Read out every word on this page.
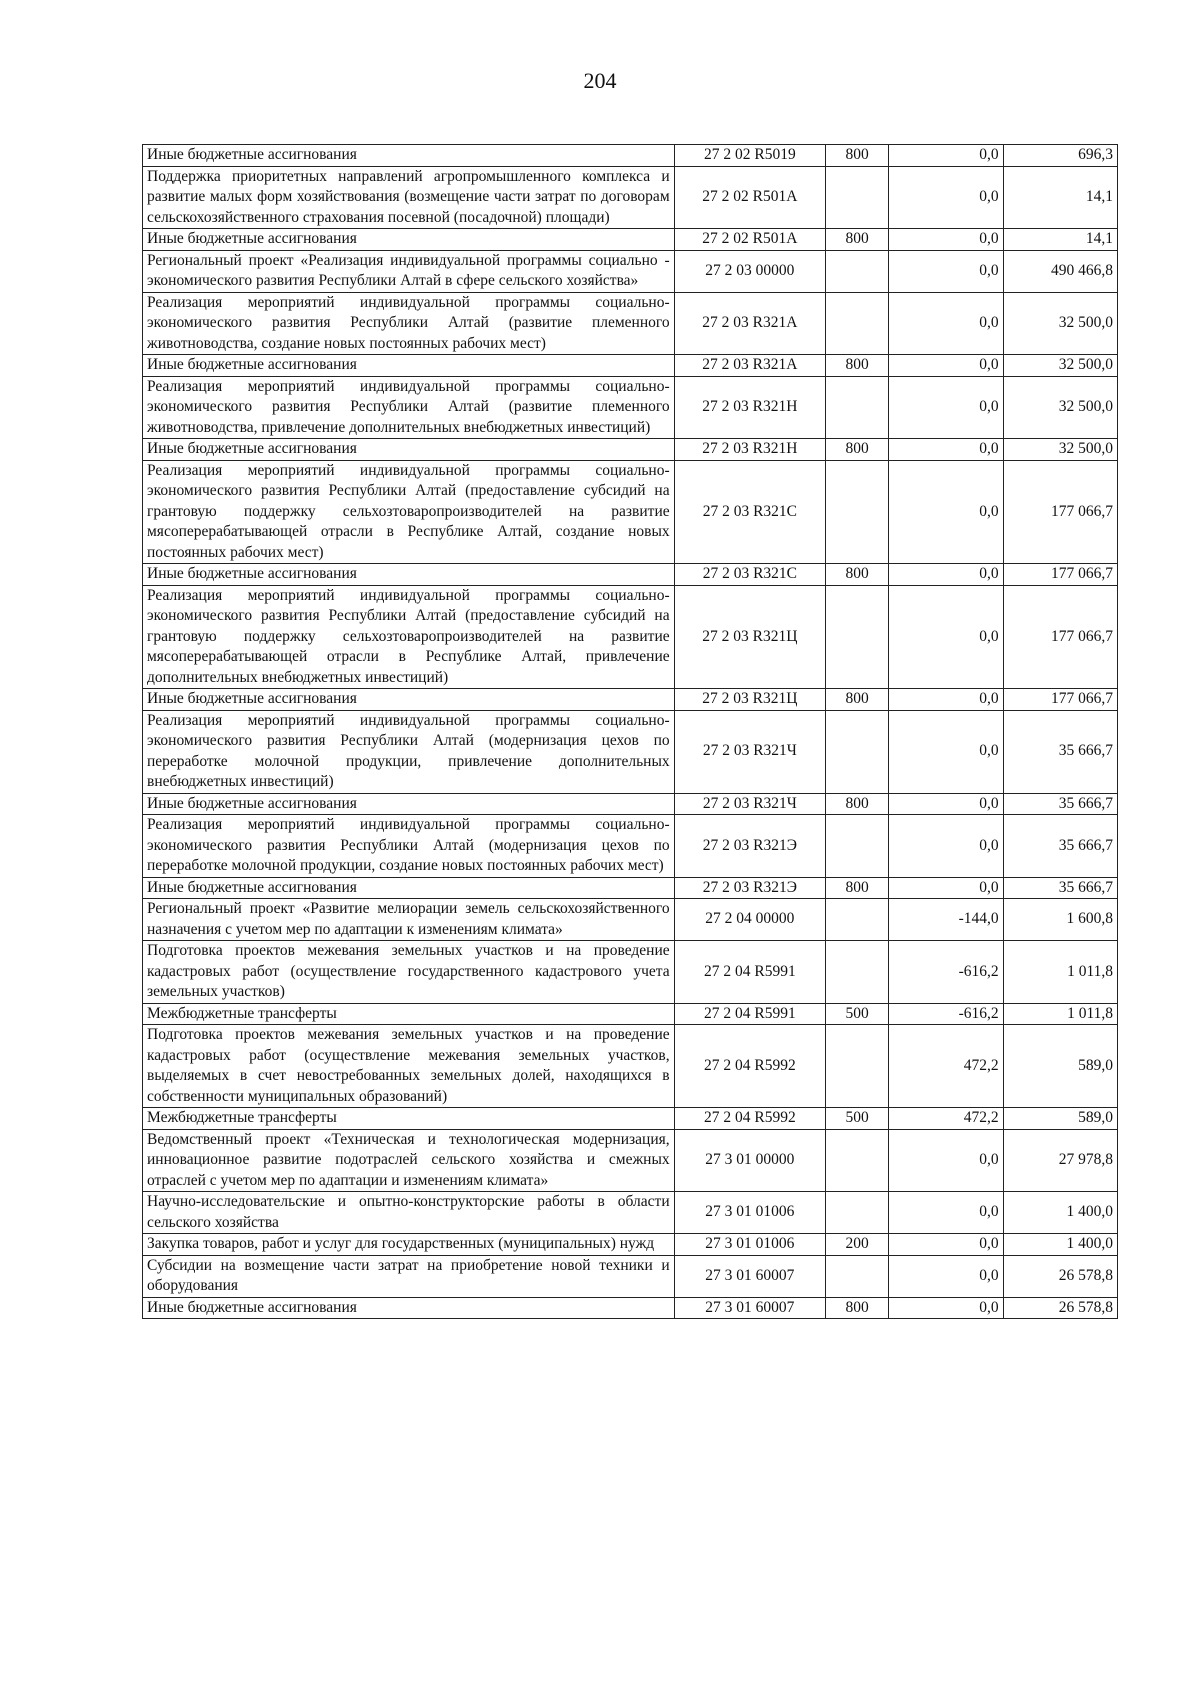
204
Иные бюджетные ассигнования	27 2 02 R5019	800	0,0	696,3
Поддержка приоритетных направлений агропромышленного комплекса и развитие малых форм хозяйствования (возмещение части затрат по договорам сельскохозяйственного страхования посевной (посадочной) площади)	27 2 02 R501A		0,0	14,1
Иные бюджетные ассигнования	27 2 02 R501A	800	0,0	14,1
Региональный проект «Реализация индивидуальной программы социально - экономического развития Республики Алтай в сфере сельского хозяйства»	27 2 03 00000		0,0	490 466,8
Реализация мероприятий индивидуальной программы социально-экономического развития Республики Алтай (развитие племенного животноводства, создание новых постоянных рабочих мест)	27 2 03 R321A		0,0	32 500,0
Иные бюджетные ассигнования	27 2 03 R321A	800	0,0	32 500,0
Реализация мероприятий индивидуальной программы социально-экономического развития Республики Алтай (развитие племенного животноводства, привлечение дополнительных внебюджетных инвестиций)	27 2 03 R321H		0,0	32 500,0
Иные бюджетные ассигнования	27 2 03 R321H	800	0,0	32 500,0
Реализация мероприятий индивидуальной программы социально-экономического развития Республики Алтай (предоставление субсидий на грантовую поддержку сельхозтоваропроизводителей на развитие мясоперерабатывающей отрасли в Республике Алтай, создание новых постоянных рабочих мест)	27 2 03 R321C		0,0	177 066,7
Иные бюджетные ассигнования	27 2 03 R321C	800	0,0	177 066,7
Реализация мероприятий индивидуальной программы социально-экономического развития Республики Алтай (предоставление субсидий на грантовую поддержку сельхозтоваропроизводителей на развитие мясоперерабатывающей отрасли в Республике Алтай, привлечение дополнительных внебюджетных инвестиций)	27 2 03 R321Ц		0,0	177 066,7
Иные бюджетные ассигнования	27 2 03 R321Ц	800	0,0	177 066,7
Реализация мероприятий индивидуальной программы социально-экономического развития Республики Алтай (модернизация цехов по переработке молочной продукции, привлечение дополнительных внебюджетных инвестиций)	27 2 03 R321Ч		0,0	35 666,7
Иные бюджетные ассигнования	27 2 03 R321Ч	800	0,0	35 666,7
Реализация мероприятий индивидуальной программы социально-экономического развития Республики Алтай (модернизация цехов по переработке молочной продукции, создание новых постоянных рабочих мест)	27 2 03 R321Э		0,0	35 666,7
Иные бюджетные ассигнования	27 2 03 R321Э	800	0,0	35 666,7
Региональный проект «Развитие мелиорации земель сельскохозяйственного назначения с учетом мер по адаптации к изменениям климата»	27 2 04 00000		-144,0	1 600,8
Подготовка проектов межевания земельных участков и на проведение кадастровых работ (осуществление государственного кадастрового учета земельных участков)	27 2 04 R5991		-616,2	1 011,8
Межбюджетные трансферты	27 2 04 R5991	500	-616,2	1 011,8
Подготовка проектов межевания земельных участков и на проведение кадастровых работ (осуществление межевания земельных участков, выделяемых в счет невостребованных земельных долей, находящихся в собственности муниципальных образований)	27 2 04 R5992		472,2	589,0
Межбюджетные трансферты	27 2 04 R5992	500	472,2	589,0
Ведомственный проект «Техническая и технологическая модернизация, инновационное развитие подотраслей сельского хозяйства и смежных отраслей с учетом мер по адаптации и изменениям климата»	27 3 01 00000		0,0	27 978,8
Научно-исследовательские и опытно-конструкторские работы в области сельского хозяйства	27 3 01 01006		0,0	1 400,0
Закупка товаров, работ и услуг для государственных (муниципальных) нужд	27 3 01 01006	200	0,0	1 400,0
Субсидии на возмещение части затрат на приобретение новой техники и оборудования	27 3 01 60007		0,0	26 578,8
Иные бюджетные ассигнования	27 3 01 60007	800	0,0	26 578,8
